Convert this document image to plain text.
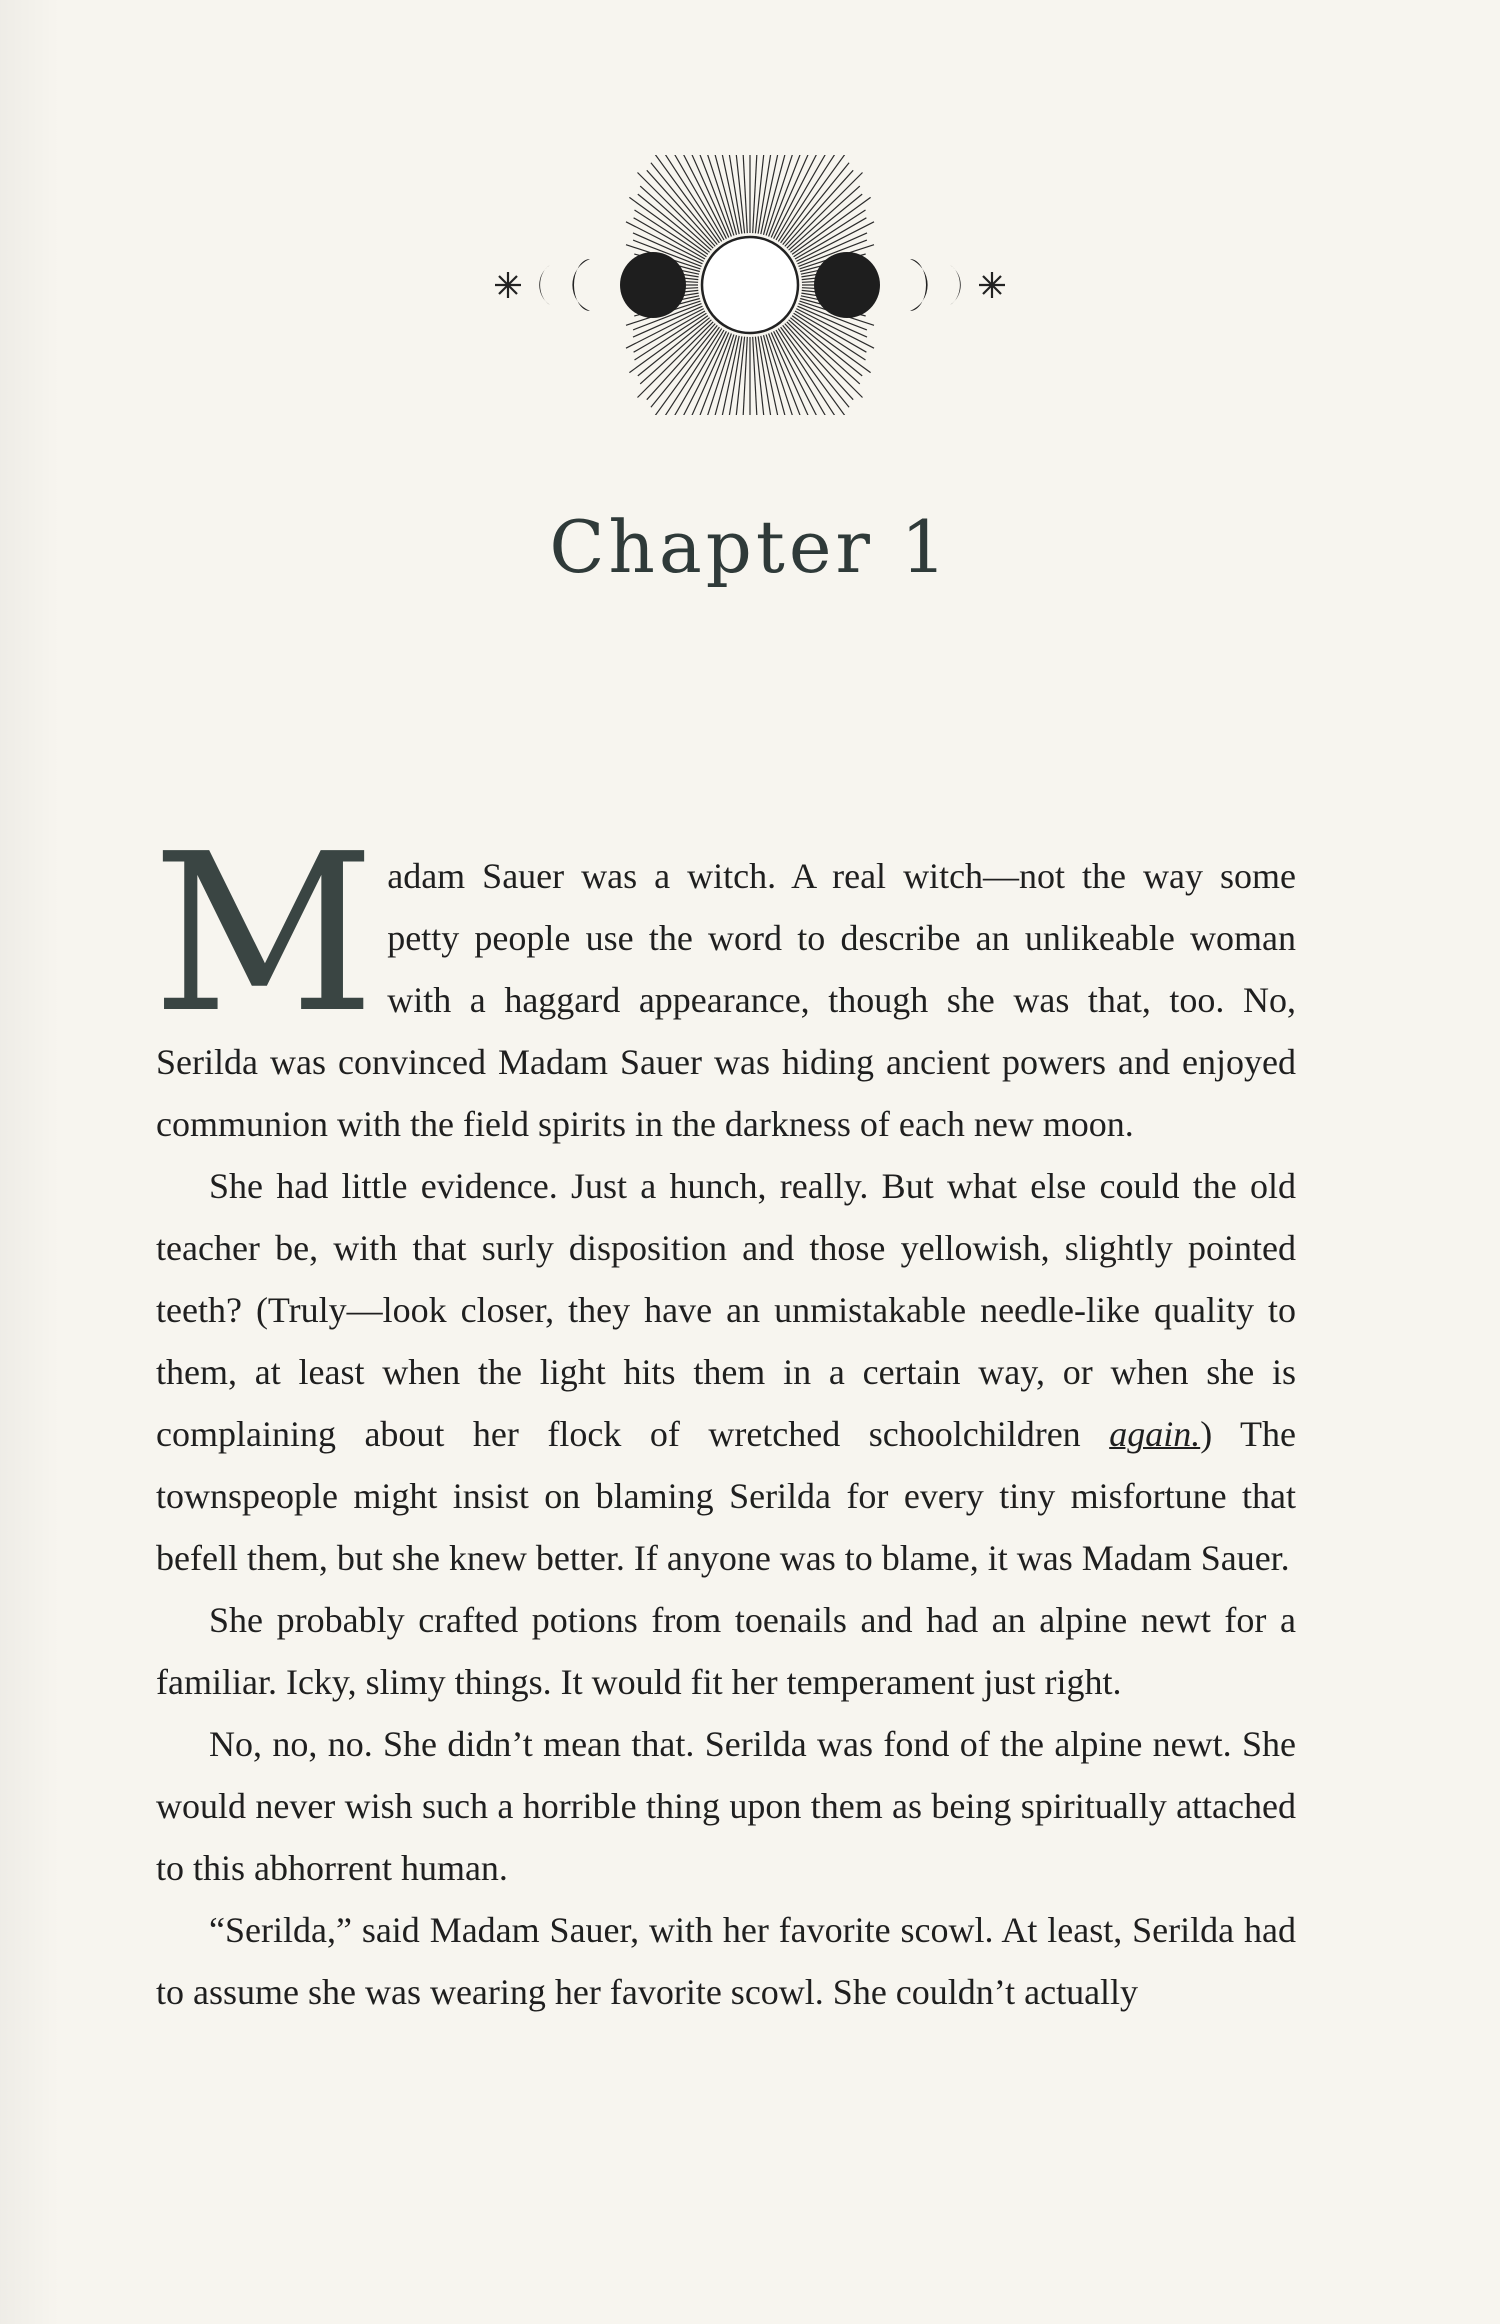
Chapter 1

Madam Sauer was a witch. A real witch—not the way some petty people use the word to describe an unlikeable woman with a haggard appearance, though she was that, too. No, Serilda was convinced Madam Sauer was hiding ancient powers and enjoyed communion with the field spirits in the darkness of each new moon.

She had little evidence. Just a hunch, really. But what else could the old teacher be, with that surly disposition and those yellowish, slightly pointed teeth? (Truly—look closer, they have an unmistakable needle-like quality to them, at least when the light hits them in a certain way, or when she is complaining about her flock of wretched schoolchildren again.) The townspeople might insist on blaming Serilda for every tiny misfortune that befell them, but she knew better. If anyone was to blame, it was Madam Sauer.

She probably crafted potions from toenails and had an alpine newt for a familiar. Icky, slimy things. It would fit her temperament just right.

No, no, no. She didn’t mean that. Serilda was fond of the alpine newt. She would never wish such a horrible thing upon them as being spiritually attached to this abhorrent human.

“Serilda,” said Madam Sauer, with her favorite scowl. At least, Serilda had to assume she was wearing her favorite scowl. She couldn’t actually
